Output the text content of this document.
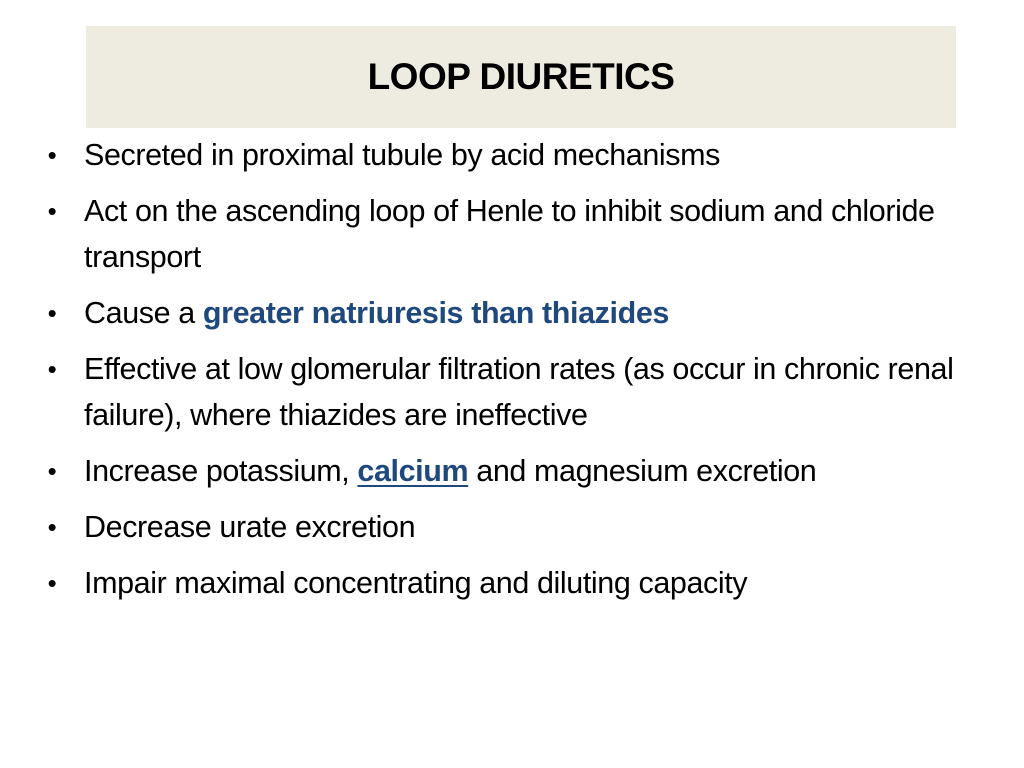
LOOP DIURETICS
• Secreted in proximal tubule by acid mechanisms
• Act on the ascending loop of Henle to inhibit sodium and chloride transport
• Cause a greater natriuresis than thiazides
• Effective at low glomerular filtration rates (as occur in chronic renal failure), where thiazides are ineffective
• Increase potassium, calcium and magnesium excretion
• Decrease urate excretion
• Impair maximal concentrating and diluting capacity
